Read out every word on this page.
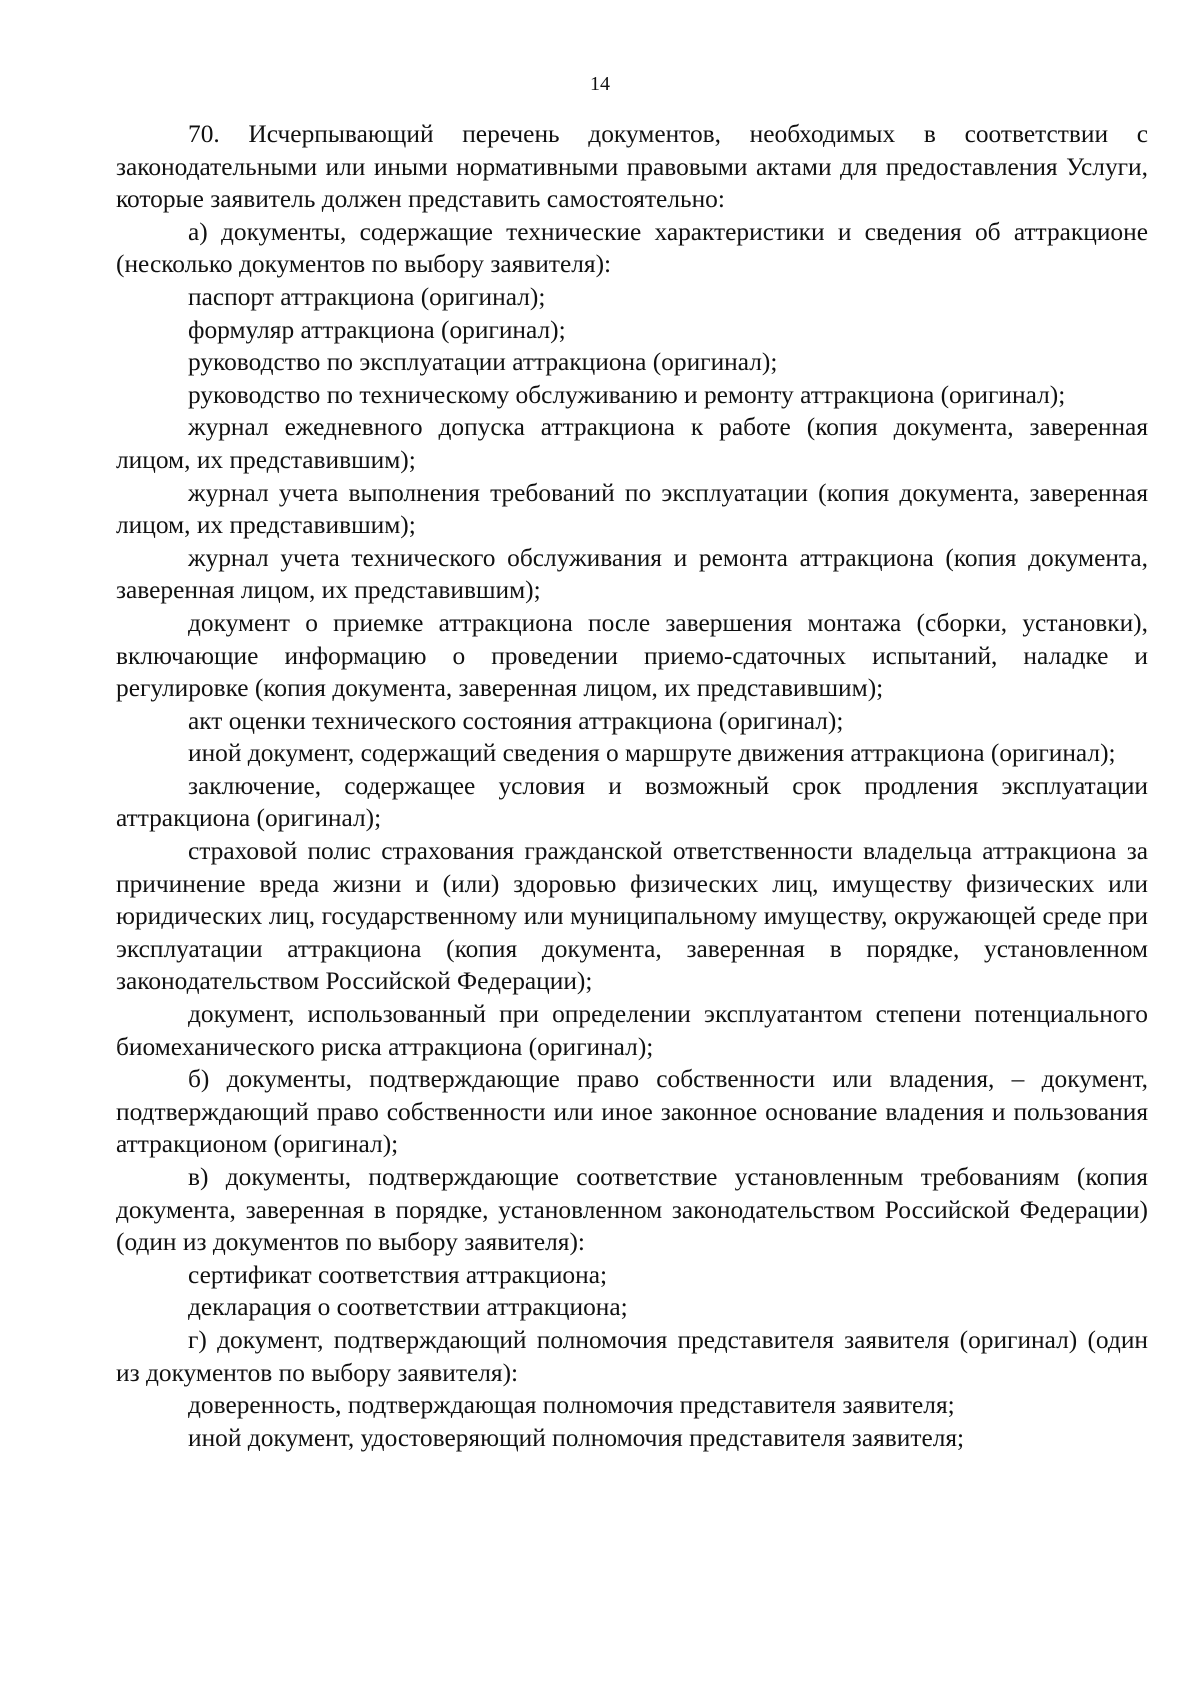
14

70. Исчерпывающий перечень документов, необходимых в соответствии с законодательными или иными нормативными правовыми актами для предоставления Услуги, которые заявитель должен представить самостоятельно:

а) документы, содержащие технические характеристики и сведения об аттракционе (несколько документов по выбору заявителя):

паспорт аттракциона (оригинал);

формуляр аттракциона (оригинал);

руководство по эксплуатации аттракциона (оригинал);

руководство по техническому обслуживанию и ремонту аттракциона (оригинал);

журнал ежедневного допуска аттракциона к работе (копия документа, заверенная лицом, их представившим);

журнал учета выполнения требований по эксплуатации (копия документа, заверенная лицом, их представившим);

журнал учета технического обслуживания и ремонта аттракциона (копия документа, заверенная лицом, их представившим);

документ о приемке аттракциона после завершения монтажа (сборки, установки), включающие информацию о проведении приемо-сдаточных испытаний, наладке и регулировке (копия документа, заверенная лицом, их представившим);

акт оценки технического состояния аттракциона (оригинал);

иной документ, содержащий сведения о маршруте движения аттракциона (оригинал);

заключение, содержащее условия и возможный срок продления эксплуатации аттракциона (оригинал);

страховой полис страхования гражданской ответственности владельца аттракциона за причинение вреда жизни и (или) здоровью физических лиц, имуществу физических или юридических лиц, государственному или муниципальному имуществу, окружающей среде при эксплуатации аттракциона (копия документа, заверенная в порядке, установленном законодательством Российской Федерации);

документ, использованный при определении эксплуатантом степени потенциального биомеханического риска аттракциона (оригинал);

б) документы, подтверждающие право собственности или владения, – документ, подтверждающий право собственности или иное законное основание владения и пользования аттракционом (оригинал);

в) документы, подтверждающие соответствие установленным требованиям (копия документа, заверенная в порядке, установленном законодательством Российской Федерации) (один из документов по выбору заявителя):

сертификат соответствия аттракциона;

декларация о соответствии аттракциона;

г) документ, подтверждающий полномочия представителя заявителя (оригинал) (один из документов по выбору заявителя):

доверенность, подтверждающая полномочия представителя заявителя;

иной документ, удостоверяющий полномочия представителя заявителя;
